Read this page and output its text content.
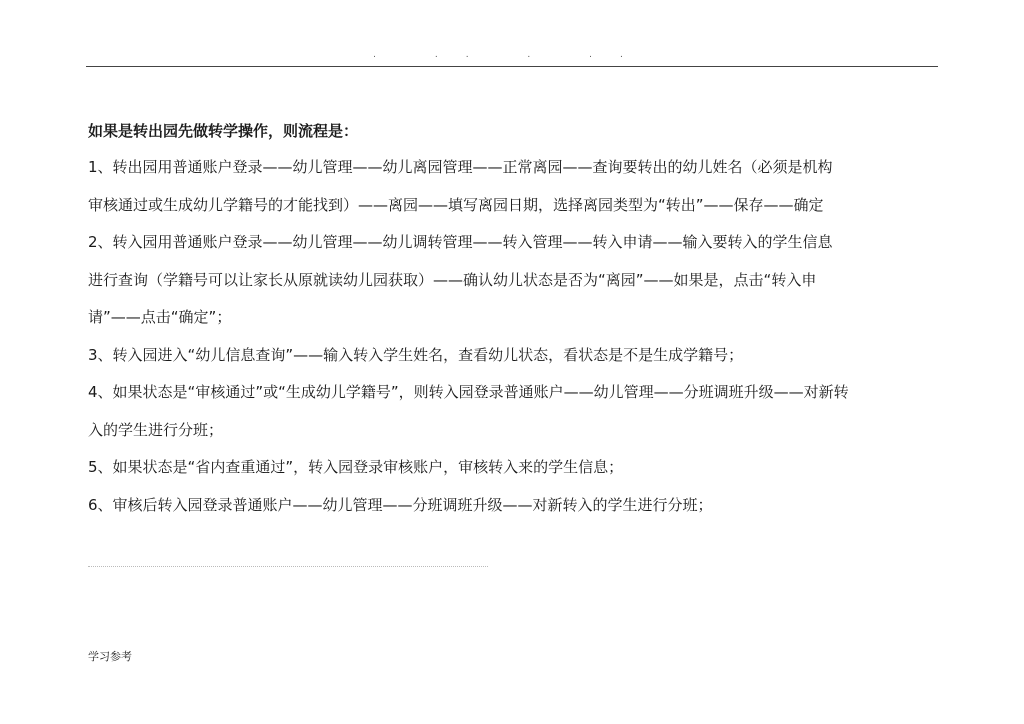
. .. . ..
如果是转出园先做转学操作，则流程是：
1、转出园用普通账户登录——幼儿管理——幼儿离园管理——正常离园——查询要转出的幼儿姓名（必须是机构
审核通过或生成幼儿学籍号的才能找到）——离园——填写离园日期，选择离园类型为“转出”——保存——确定
2、转入园用普通账户登录——幼儿管理——幼儿调转管理——转入管理——转入申请——输入要转入的学生信息
进行查询（学籍号可以让家长从原就读幼儿园获取）——确认幼儿状态是否为“离园”——如果是，点击“转入申
请”——点击“确定”；
3、转入园进入“幼儿信息查询”——输入转入学生姓名，查看幼儿状态，看状态是不是生成学籍号；
4、如果状态是“审核通过”或“生成幼儿学籍号”，则转入园登录普通账户——幼儿管理——分班调班升级——对新转
入的学生进行分班；
5、如果状态是“省内查重通过”，转入园登录审核账户，审核转入来的学生信息；
6、审核后转入园登录普通账户——幼儿管理——分班调班升级——对新转入的学生进行分班；
学习参考
